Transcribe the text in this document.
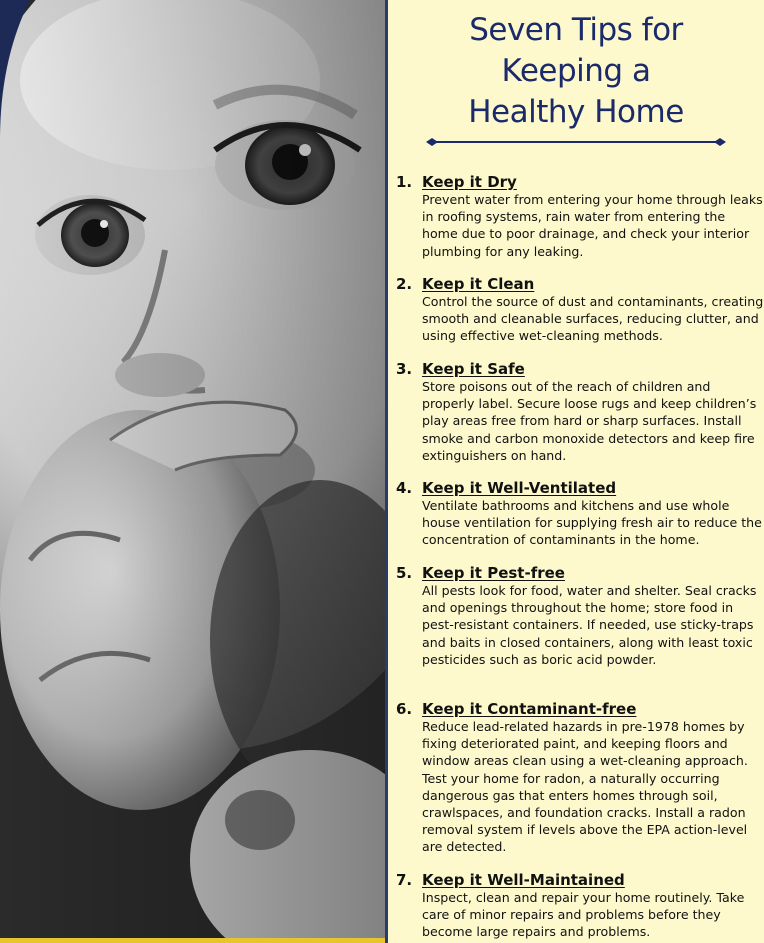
Seven Tips for
Keeping a
Healthy Home
1. Keep it Dry
Prevent water from entering your home through leaks in roofing systems, rain water from entering the home due to poor drainage, and check your interior plumbing for any leaking.
2. Keep it Clean
Control the source of dust and contaminants, creating smooth and cleanable surfaces, reducing clutter, and using effective wet-cleaning methods.
3. Keep it Safe
Store poisons out of the reach of children and properly label. Secure loose rugs and keep children’s play areas free from hard or sharp surfaces. Install smoke and carbon monoxide detectors and keep fire extinguishers on hand.
4. Keep it Well-Ventilated
Ventilate bathrooms and kitchens and use whole house ventilation for supplying fresh air to reduce the concentration of contaminants in the home.
5. Keep it Pest-free
All pests look for food, water and shelter. Seal cracks and openings throughout the home; store food in pest-resistant containers. If needed, use sticky-traps and baits in closed containers, along with least toxic pesticides such as boric acid powder.
6. Keep it Contaminant-free
Reduce lead-related hazards in pre-1978 homes by fixing deteriorated paint, and keeping floors and window areas clean using a wet-cleaning approach. Test your home for radon, a naturally occurring dangerous gas that enters homes through soil, crawlspaces, and foundation cracks. Install a radon removal system if levels above the EPA action-level are detected.
7. Keep it Well-Maintained
Inspect, clean and repair your home routinely. Take care of minor repairs and problems before they become large repairs and problems.
